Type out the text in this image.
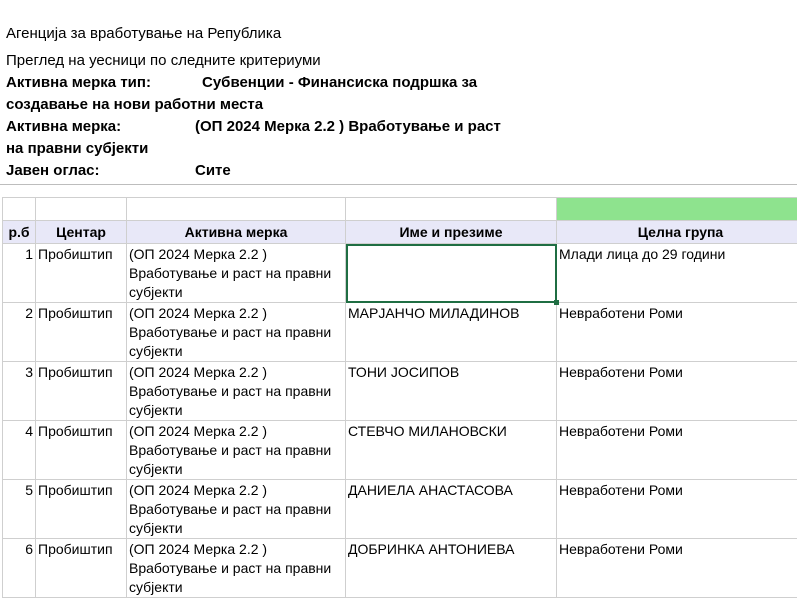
Агенција за вработување на Република
Преглед на уесници по следните критериуми
Активна мерка тип:	Субвенции - Финансиска подршка за
создавање на нови работни места
Активна мерка:	(ОП 2024 Мерка 2.2 ) Вработување и раст
на правни субјекти
Јавен оглас:	Сите

р.б	Центар	Активна мерка	Име и презиме	Целна група
1	Пробиштип	(ОП 2024 Мерка 2.2 ) Вработување и раст на правни субјекти		Млади лица до 29 години
2	Пробиштип	(ОП 2024 Мерка 2.2 ) Вработување и раст на правни субјекти	МАРЈАНЧО МИЛАДИНОВ	Невработени Роми
3	Пробиштип	(ОП 2024 Мерка 2.2 ) Вработување и раст на правни субјекти	ТОНИ ЈОСИПОВ	Невработени Роми
4	Пробиштип	(ОП 2024 Мерка 2.2 ) Вработување и раст на правни субјекти	СТЕВЧО МИЛАНОВСКИ	Невработени Роми
5	Пробиштип	(ОП 2024 Мерка 2.2 ) Вработување и раст на правни субјекти	ДАНИЕЛА АНАСТАСОВА	Невработени Роми
6	Пробиштип	(ОП 2024 Мерка 2.2 ) Вработување и раст на правни субјекти	ДОБРИНКА АНТОНИЕВА	Невработени Роми
